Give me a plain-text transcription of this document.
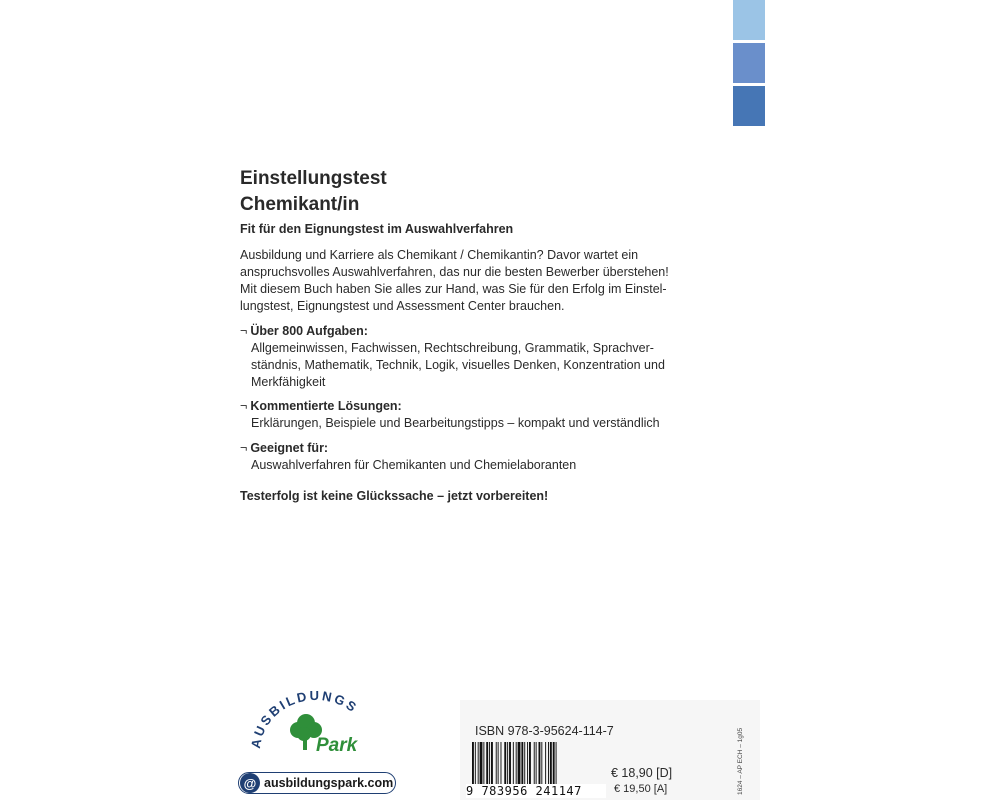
Einstellungstest
Chemikant/in
Fit für den Eignungstest im Auswahlverfahren
Ausbildung und Karriere als Chemikant / Chemikantin? Davor wartet ein
anspruchsvolles Auswahlverfahren, das nur die besten Bewerber überstehen!
Mit diesem Buch haben Sie alles zur Hand, was Sie für den Erfolg im Einstel-
lungstest, Eignungstest und Assessment Center brauchen.
¬ Über 800 Aufgaben:
Allgemeinwissen, Fachwissen, Rechtschreibung, Grammatik, Sprachver-
ständnis, Mathematik, Technik, Logik, visuelles Denken, Konzentration und
Merkfähigkeit
¬ Kommentierte Lösungen:
Erklärungen, Beispiele und Bearbeitungstipps – kompakt und verständlich
¬ Geeignet für:
Auswahlverfahren für Chemikanten und Chemielaboranten
Testerfolg ist keine Glückssache – jetzt vorbereiten!
AUSBILDUNGS
Park
@ ausbildungspark.com
ISBN 978-3-95624-114-7
9 783956 241147
€ 18,90 [D]
€ 19,50 [A]	1624 – AP ECH – 1g05
